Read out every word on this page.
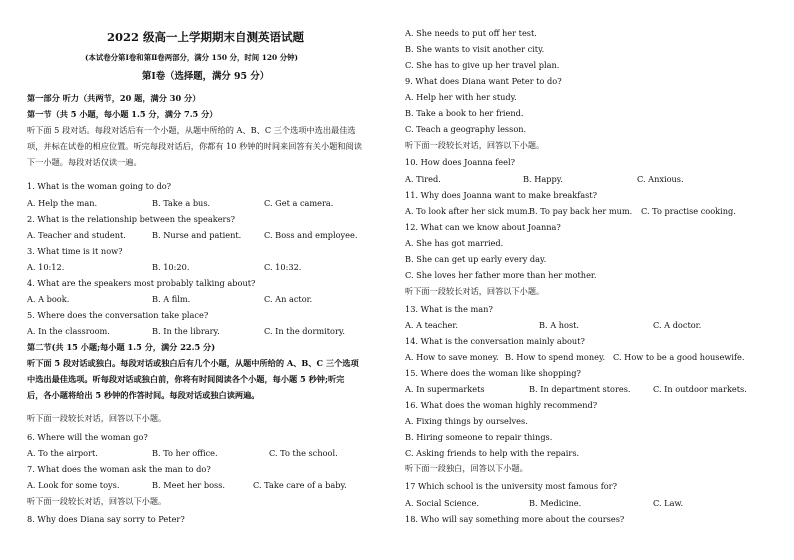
2022 级高一上学期期末自测英语试题
(本试卷分第Ⅰ卷和第Ⅱ卷两部分，满分 150 分，时间 120 分钟)
第Ⅰ卷（选择题，满分 95 分）
第一部分 听力（共两节，20 题，满分 30 分）
第一节（共 5 小题，每小题 1.5 分，满分 7.5 分）
听下面 5 段对话。每段对话后有一个小题，从题中所给的 A、B、C 三个选项中选出最佳选
项，并标在试卷的相应位置。听完每段对话后，你都有 10 秒钟的时间来回答有关小题和阅读
下一小题。每段对话仅读一遍。
1. What is the woman going to do?
A. Help the man.	B. Take a bus.	C. Get a camera.
2. What is the relationship between the speakers?
A. Teacher and student.	B. Nurse and patient.	C. Boss and employee.
3. What time is it now?
A. 10:12.	B. 10:20.	C. 10:32.
4. What are the speakers most probably talking about?
A. A book.	B. A film.	C. An actor.
5. Where does the conversation take place?
A. In the classroom.	B. In the library.	C. In the dormitory.
第二节(共 15 小题;每小题 1.5 分，满分 22.5 分)
听下面 5 段对话或独白。每段对话或独白后有几个小题，从题中所给的 A、B、C 三个选项
中选出最佳选项。听每段对话或独白前，你将有时间阅读各个小题，每小题 5 秒钟;听完
后，各小题将给出 5 秒钟的作答时间。每段对话或独白读两遍。
听下面一段较长对话，回答以下小题。
6. Where will the woman go?
A. To the airport.	B. To her office.	C. To the school.
7. What does the woman ask the man to do?
A. Look for some toys.	B. Meet her boss.	C. Take care of a baby.
听下面一段较长对话，回答以下小题。
8. Why does Diana say sorry to Peter?
A. She needs to put off her test.
B. She wants to visit another city.
C. She has to give up her travel plan.
9. What does Diana want Peter to do?
A. Help her with her study.
B. Take a book to her friend.
C. Teach a geography lesson.
听下面一段较长对话，回答以下小题。
10. How does Joanna feel?
A. Tired.	B. Happy.	C. Anxious.
11. Why does Joanna want to make breakfast?
A. To look after her sick mum.
B. To pay back her mum. C. To practise cooking.
12. What can we know about Joanna?
A. She has got married.
B. She can get up early every day.
C. She loves her father more than her mother.
听下面一段较长对话，回答以下小题。
13. What is the man?
A. A teacher.	B. A host.	C. A doctor.
14. What is the conversation mainly about?
A. How to save money. B. How to spend money. C. How to be a good housewife.
15. Where does the woman like shopping?
A. In supermarkets	B. In department stores.	C. In outdoor markets.
16. What does the woman highly recommend?
A. Fixing things by ourselves.
B. Hiring someone to repair things.
C. Asking friends to help with the repairs.
听下面一段独白，回答以下小题。
17 Which school is the university most famous for?
A. Social Science.	B. Medicine.	C. Law.
18. Who will say something more about the courses?
